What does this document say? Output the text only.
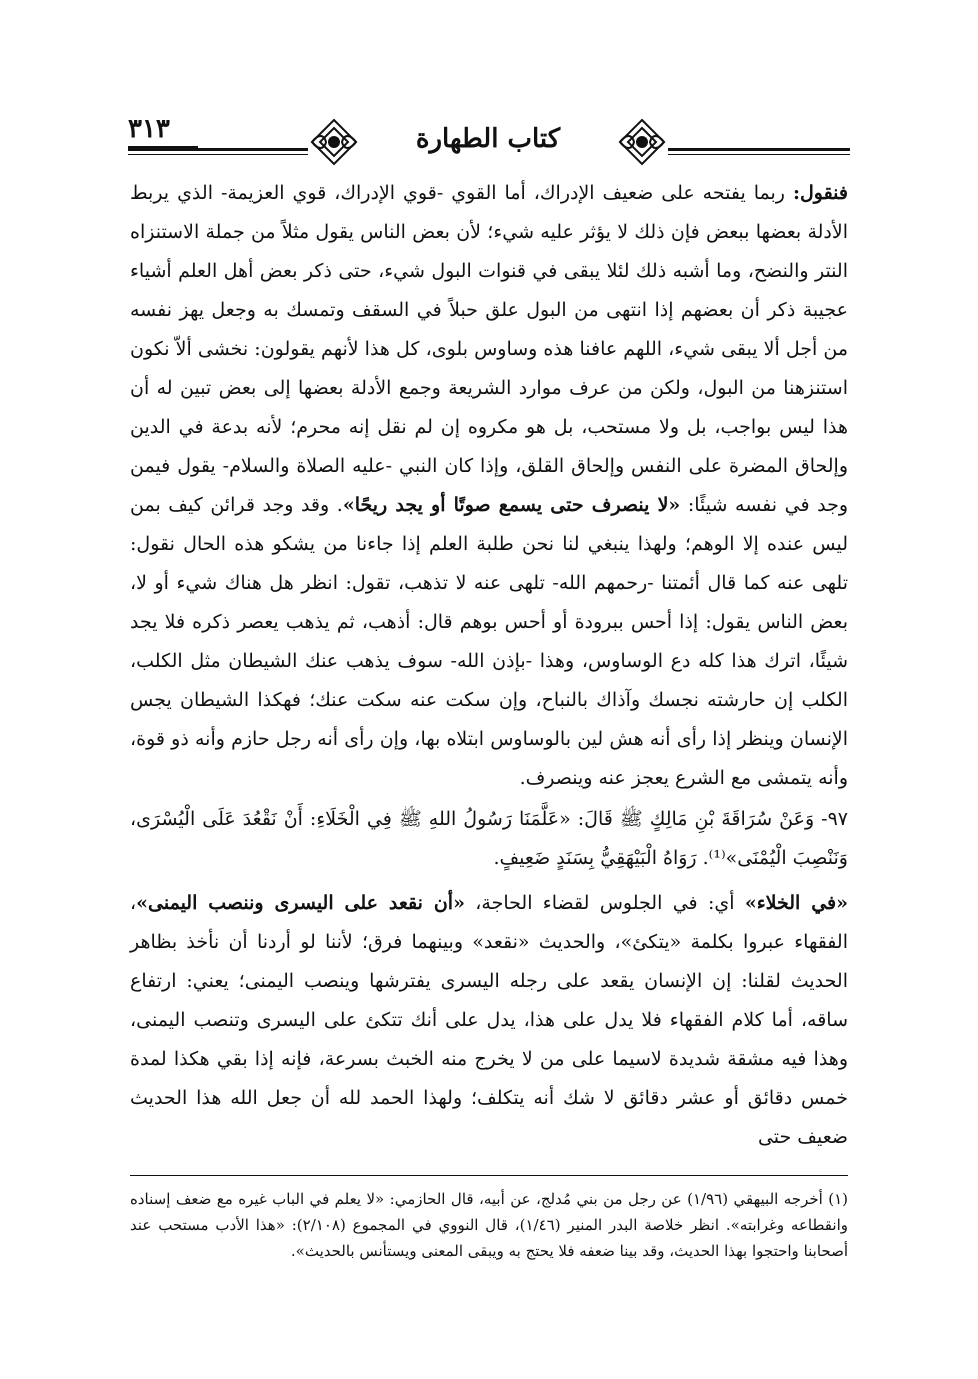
٣١٣	كتاب الطهارة

فنقول: ربما يفتحه على ضعيف الإدراك، أما القوي -قوي الإدراك، قوي العزيمة- الذي يربط الأدلة بعضها ببعض فإن ذلك لا يؤثر عليه شيء؛ لأن بعض الناس يقول مثلاً من جملة الاستنزاه النتر والنضح، وما أشبه ذلك لئلا يبقى في قنوات البول شيء، حتى ذكر بعض أهل العلم أشياء عجيبة ذكر أن بعضهم إذا انتهى من البول علق حبلاً في السقف وتمسك به وجعل يهز نفسه من أجل ألا يبقى شيء، اللهم عافنا هذه وساوس بلوى، كل هذا لأنهم يقولون: نخشى ألاّ نكون استنزهنا من البول، ولكن من عرف موارد الشريعة وجمع الأدلة بعضها إلى بعض تبين له أن هذا ليس بواجب، بل ولا مستحب، بل هو مكروه إن لم نقل إنه محرم؛ لأنه بدعة في الدين وإلحاق المضرة على النفس وإلحاق القلق، وإذا كان النبي -عليه الصلاة والسلام- يقول فيمن وجد في نفسه شيئًا: «لا ينصرف حتى يسمع صوتًا أو يجد ريحًا». وقد وجد قرائن كيف بمن ليس عنده إلا الوهم؛ ولهذا ينبغي لنا نحن طلبة العلم إذا جاءنا من يشكو هذه الحال نقول: تلهى عنه كما قال أئمتنا -رحمهم الله- تلهى عنه لا تذهب، تقول: انظر هل هناك شيء أو لا، بعض الناس يقول: إذا أحس ببرودة أو أحس بوهم قال: أذهب، ثم يذهب يعصر ذكره فلا يجد شيئًا، اترك هذا كله دع الوساوس، وهذا -بإذن الله- سوف يذهب عنك الشيطان مثل الكلب، الكلب إن حارشته نجسك وآذاك بالنباح، وإن سكت عنه سكت عنك؛ فهكذا الشيطان يجس الإنسان وينظر إذا رأى أنه هش لين بالوساوس ابتلاه بها، وإن رأى أنه رجل حازم وأنه ذو قوة، وأنه يتمشى مع الشرع يعجز عنه وينصرف.

٩٧- وَعَنْ سُرَاقَةَ بْنِ مَالِكٍ ﷺ قَالَ: «عَلَّمَنَا رَسُولُ اللهِ ﷺ فِي الْخَلَاءِ: أَنْ نَقْعُدَ عَلَى الْيُسْرَى، وَنَنْصِبَ الْيُمْنَى»⁽¹⁾. رَوَاهُ الْبَيْهَقِيُّ بِسَنَدٍ ضَعِيفٍ.

«في الخلاء» أي: في الجلوس لقضاء الحاجة، «أن نقعد على اليسرى وننصب اليمنى»، الفقهاء عبروا بكلمة «يتكئ»، والحديث «نقعد» وبينهما فرق؛ لأننا لو أردنا أن نأخذ بظاهر الحديث لقلنا: إن الإنسان يقعد على رجله اليسرى يفترشها وينصب اليمنى؛ يعني: ارتفاع ساقه، أما كلام الفقهاء فلا يدل على هذا، يدل على أنك تتكئ على اليسرى وتنصب اليمنى، وهذا فيه مشقة شديدة لاسيما على من لا يخرج منه الخبث بسرعة، فإنه إذا بقي هكذا لمدة خمس دقائق أو عشر دقائق لا شك أنه يتكلف؛ ولهذا الحمد لله أن جعل الله هذا الحديث ضعيف حتى

(١) أخرجه البيهقي (١/٩٦) عن رجل من بني مُدلج، عن أبيه، قال الحازمي: «لا يعلم في الباب غيره مع ضعف إسناده وانقطاعه وغرابته». انظر خلاصة البدر المنير (١/٤٦)، قال النووي في المجموع (٢/١٠٨): «هذا الأدب مستحب عند أصحابنا واحتجوا بهذا الحديث، وقد بينا ضعفه فلا يحتج به ويبقى المعنى ويستأنس بالحديث».
